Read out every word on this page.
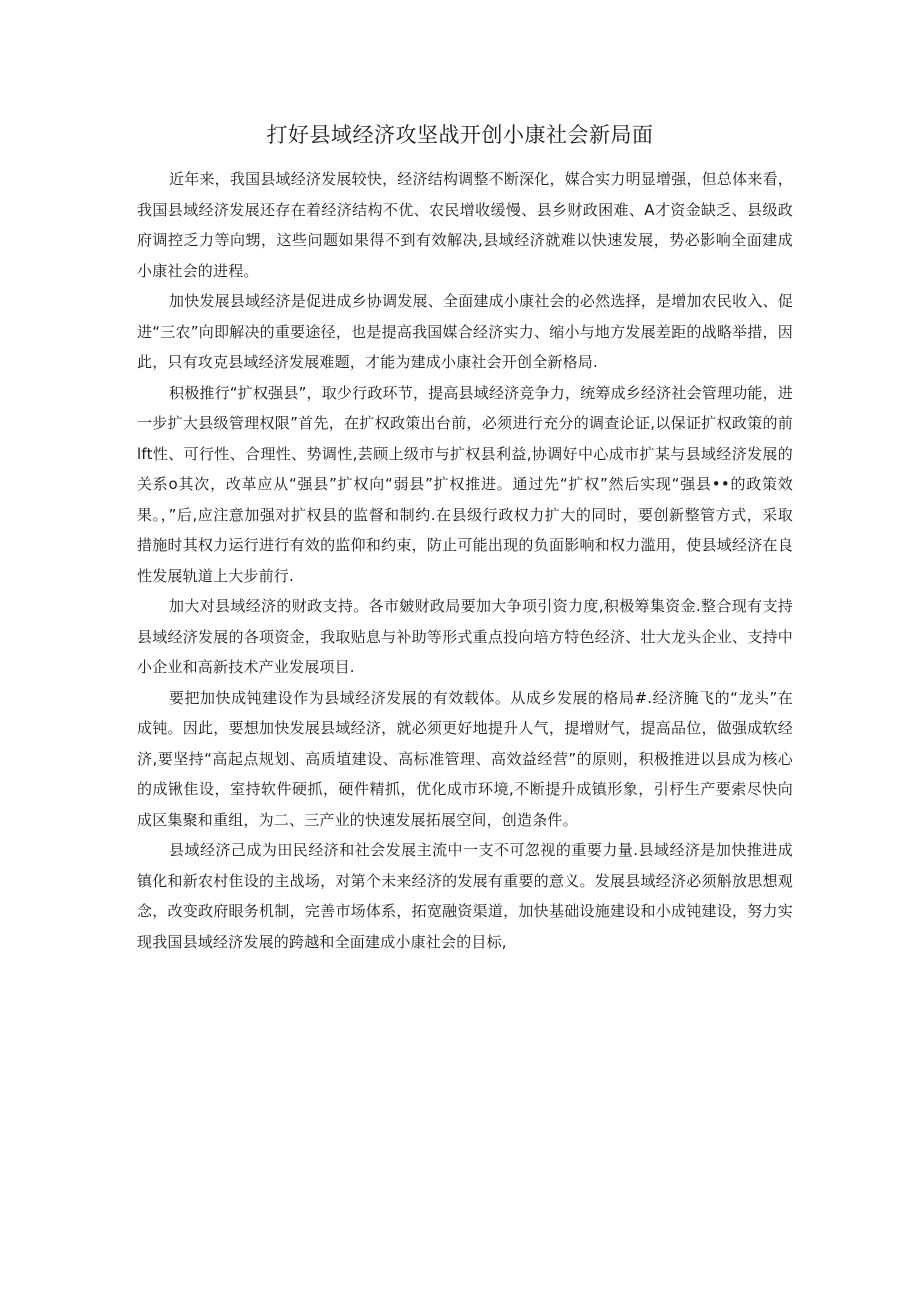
打好县域经济攻坚战开创小康社会新局面

近年来，我国县域经济发展较快，经济结构调整不断深化，媒合实力明显增强，但总体来看，我国县域经济发展还存在着经济结构不优、农民增收缓慢、县乡财政困难、A才资金缺乏、县级政府调控乏力等向甥，这些问题如果得不到有效解决,县域经济就难以快速发展，势必影响全面建成小康社会的进程。

加快发展县域经济是促进成乡协调发展、全面建成小康社会的必然选择，是增加农民收入、促进“三农”向即解决的重要途径，也是提高我国媒合经济实力、缩小与地方发展差距的战略举措，因此，只有攻克县域经济发展难题，才能为建成小康社会开创全新格局.

积极推行“扩权强县”，取少行政环节，提高县域经济竞争力，统筹成乡经济社会管理功能，进一步扩大县级管理权限”首先，在扩权政策出台前，必须进行充分的调查论证,以保证扩权政策的前lft性、可行性、合理性、势调性,芸顾上级市与扩权县利益,协调好中心成市扩某与县域经济发展的关系o其次，改革应从“强县”扩权向“弱县”扩权推进。通过先“扩权”然后实现“强县••的政策效果。，”后,应注意加强对扩权县的监督和制约.在县级行政权力扩大的同时，要创新整管方式，采取措施时其权力运行进行有效的监仰和约束，防止可能出现的负面影响和权力滥用，使县域经济在良性发展轨道上大步前行.

加大对县域经济的财政支持。各市皴财政局要加大争项引资力度,积极筹集资金.整合现有支持县域经济发展的各项资金，我取贴息与补助等形式重点投向培方特色经济、壮大龙头企业、支持中小企业和高新技术产业发展项目.

要把加快成钝建设作为县域经济发展的有效载体。从成乡发展的格局#.经济腌飞的“龙头”在成钝。因此，要想加快发展县域经济，就必须更好地提升人气，提增财气，提高品位，做强成软经济,要坚持“高起点规划、高质埴建设、高标准管理、高效益经营”的原则，积极推进以县成为核心的成锹隹设，室持软件硬抓，硬件精抓，优化成市环境,不断提升成镇形象，引杼生产要索尽快向成区集聚和重组，为二、三产业的快速发展拓展空间，创造条件。

县域经济己成为田民经济和社会发展主流中一支不可忽视的重要力量.县域经济是加快推进成镇化和新农村隹设的主战场，对第个未来经济的发展有重要的意义。发展县域经济必须斛放思想观念，改变政府眼务机制，完善市场体系，拓宽融资渠道，加快基础设施建设和小成钝建设，努力实现我国县域经济发展的跨越和全面建成小康社会的目标,
